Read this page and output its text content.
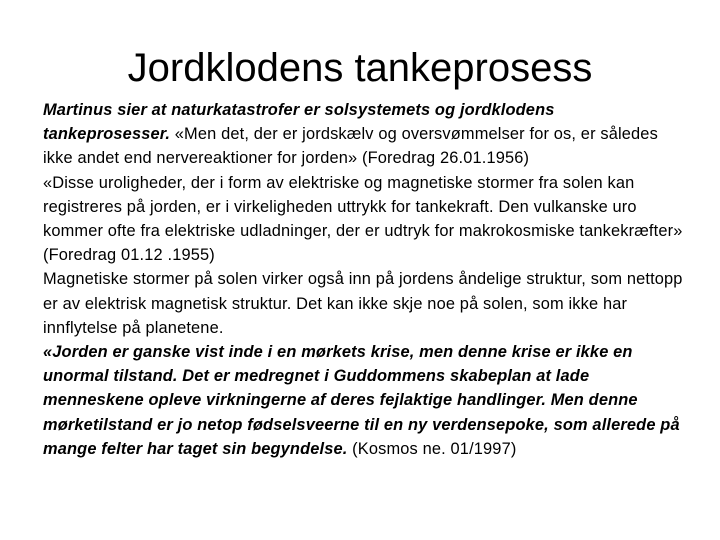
Jordklodens tankeprosess

Martinus sier at naturkatastrofer er solsystemets og jordklodens tankeprosesser. «Men det, der er jordskælv og oversvømmelser for os, er således ikke andet end nervereaktioner for jorden» (Foredrag 26.01.1956)

«Disse uroligheder, der i form av elektriske og magnetiske stormer fra solen kan registreres på jorden, er i virkeligheden uttrykk for tankekraft. Den vulkanske uro kommer ofte fra elektriske udladninger, der er udtryk for makrokosmiske tankekræfter» (Foredrag 01.12 .1955)

Magnetiske stormer på solen virker også inn på jordens åndelige struktur, som nettopp er av elektrisk magnetisk struktur. Det kan ikke skje noe på solen, som ikke har innflytelse på planetene.

«Jorden er ganske vist inde i en mørkets krise, men denne krise er ikke en unormal tilstand. Det er medregnet i Guddommens skabeplan at lade menneskene opleve virkningerne af deres fejlaktige handlinger. Men denne mørketilstand er jo netop fødselsveerne til en ny verdensepoke, som allerede på mange felter har taget sin begyndelse. (Kosmos ne. 01/1997)
